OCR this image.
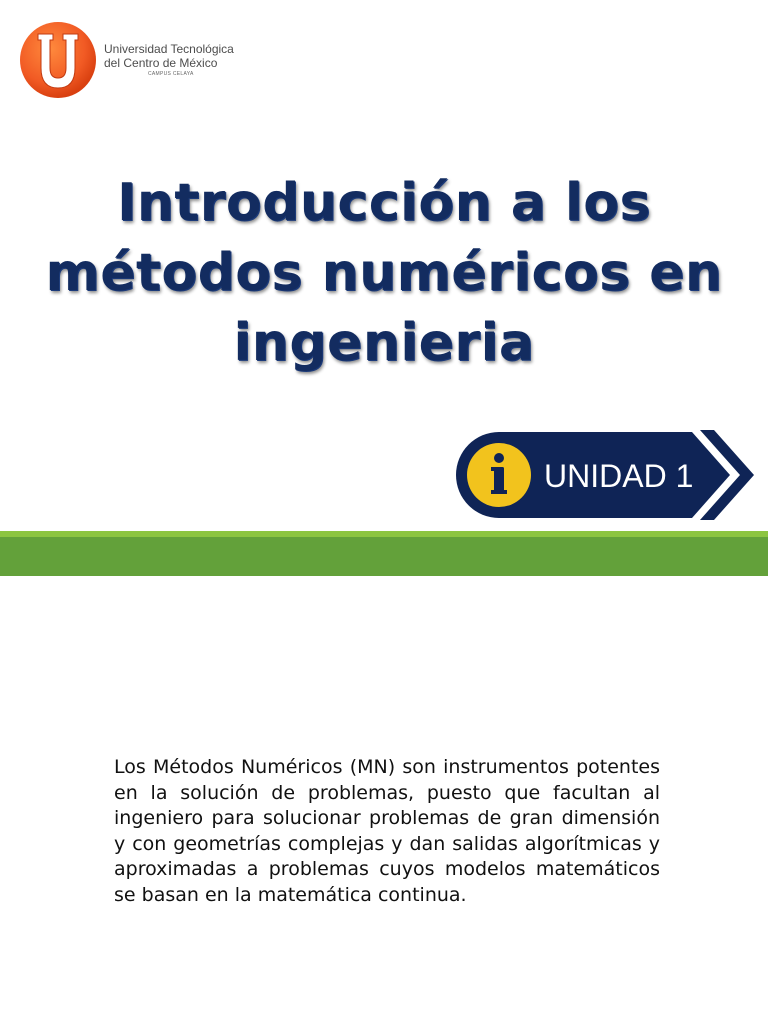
U
Universidad Tecnológica
del Centro de México
CAMPUS CELAYA
Introducción a los
métodos numéricos en
ingenieria
UNIDAD 1

Los Métodos Numéricos (MN) son instrumentos potentes en la solución de problemas, puesto que facultan al ingeniero para solucionar problemas de gran dimensión y con geometrías complejas y dan salidas algorítmicas y aproximadas a problemas cuyos modelos matemáticos se basan en la matemática continua.
